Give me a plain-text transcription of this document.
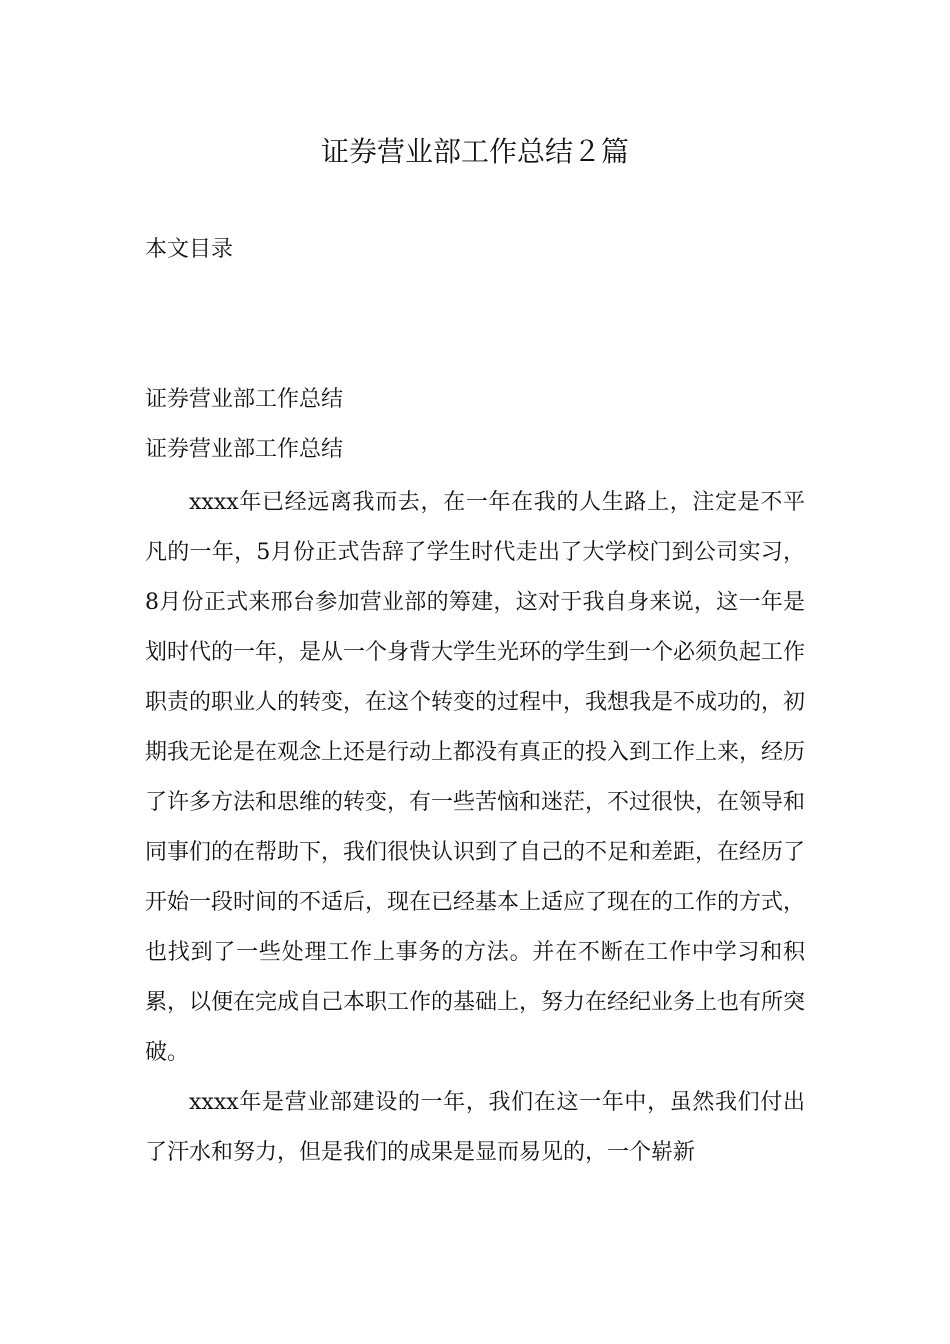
证券营业部工作总结２篇
本文目录
证券营业部工作总结
证券营业部工作总结

xxxx年已经远离我而去，在一年在我的人生路上，注定是不平凡的一年，5月份正式告辞了学生时代走出了大学校门到公司实习，8月份正式来邢台参加营业部的筹建，这对于我自身来说，这一年是划时代的一年，是从一个身背大学生光环的学生到一个必须负起工作职责的职业人的转变，在这个转变的过程中，我想我是不成功的，初期我无论是在观念上还是行动上都没有真正的投入到工作上来，经历了许多方法和思维的转变，有一些苦恼和迷茫，不过很快，在领导和同事们的在帮助下，我们很快认识到了自己的不足和差距，在经历了开始一段时间的不适后，现在已经基本上适应了现在的工作的方式，也找到了一些处理工作上事务的方法。并在不断在工作中学习和积累，以便在完成自己本职工作的基础上，努力在经纪业务上也有所突破。

xxxx年是营业部建设的一年，我们在这一年中，虽然我们付出了汗水和努力，但是我们的成果是显而易见的，一个崭新
